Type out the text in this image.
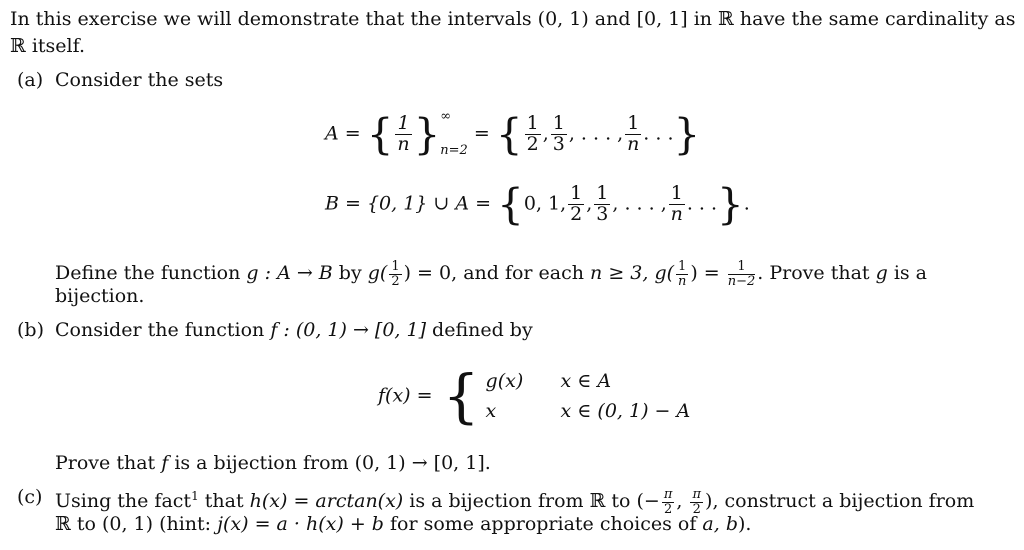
In this exercise we will demonstrate that the intervals (0, 1) and [0, 1] in ℝ have the same cardinality as
ℝ itself.
(a) Consider the sets
A = { $\frac{1}{n}$ } ∞
n=2
= { $\frac{1}{2}$ , $\frac{1}{3}$ , . . . , $\frac{1}{n}$ . . .}
B = {0, 1} ∪ A = {0, 1, $\frac{1}{2}$ , $\frac{1}{3}$ , . . . , $\frac{1}{n}$ . . .}.
Define the function g : A → B by $g( \frac{1}{2}$ ) = 0, and for each n ≥ 3, $g( \frac{1}{n}$ ) = $\frac{1}{n-2}$ . Prove that g is a
bijection.
(b) Consider the function f : (0, 1) → [0, 1] defined by
f(x) = { g(x) x ∈ A
x	x ∈ (0, 1) − A
Prove that f is a bijection from (0, 1) → [0, 1].
(c) Using the fact$^1$ that h(x) = arctan(x) is a bijection from ℝ to (− $\frac{\pi}{2}$ , $\frac{\pi}{2}$ ), construct a bijection from
ℝ to (0, 1) (hint: j(x) = a · h(x) + b for some appropriate choices of a, b).
